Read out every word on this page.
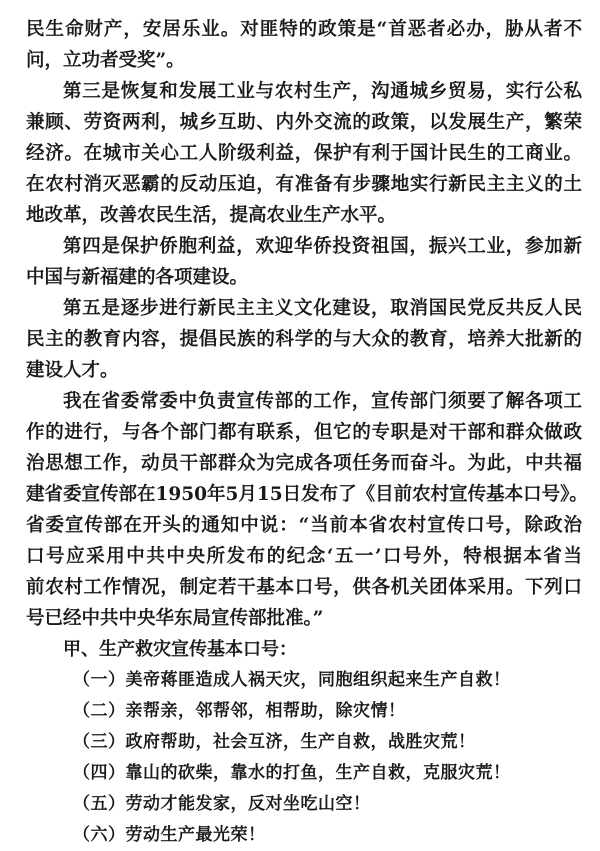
民生命财产，安居乐业。对匪特的政策是“首恶者必办，胁从者不
问，立功者受奖”。
第三是恢复和发展工业与农村生产，沟通城乡贸易，实行公私
兼顾、劳资两利，城乡互助、内外交流的政策，以发展生产，繁荣
经济。在城市关心工人阶级利益，保护有利于国计民生的工商业。
在农村消灭恶霸的反动压迫，有准备有步骤地实行新民主主义的土
地改革，改善农民生活，提高农业生产水平。
第四是保护侨胞利益，欢迎华侨投资祖国，振兴工业，参加新
中国与新福建的各项建设。
第五是逐步进行新民主主义文化建设，取消国民党反共反人民
民主的教育内容，提倡民族的科学的与大众的教育，培养大批新的
建设人才。
我在省委常委中负责宣传部的工作，宣传部门须要了解各项工
作的进行，与各个部门都有联系，但它的专职是对干部和群众做政
治思想工作，动员干部群众为完成各项任务而奋斗。为此，中共福
建省委宣传部在1950年5月15日发布了《目前农村宣传基本口号》。
省委宣传部在开头的通知中说：“当前本省农村宣传口号，除政治
口号应采用中共中央所发布的纪念‘五一’口号外，特根据本省当
前农村工作情况，制定若干基本口号，供各机关团体采用。下列口
号已经中共中央华东局宣传部批准。”
甲、生产救灾宣传基本口号：
（一）美帝蒋匪造成人祸天灾，同胞组织起来生产自救！
（二）亲帮亲，邻帮邻，相帮助，除灾情！
（三）政府帮助，社会互济，生产自救，战胜灾荒！
（四）靠山的砍柴，靠水的打鱼，生产自救，克服灾荒！
（五）劳动才能发家，反对坐吃山空！
（六）劳动生产最光荣！
